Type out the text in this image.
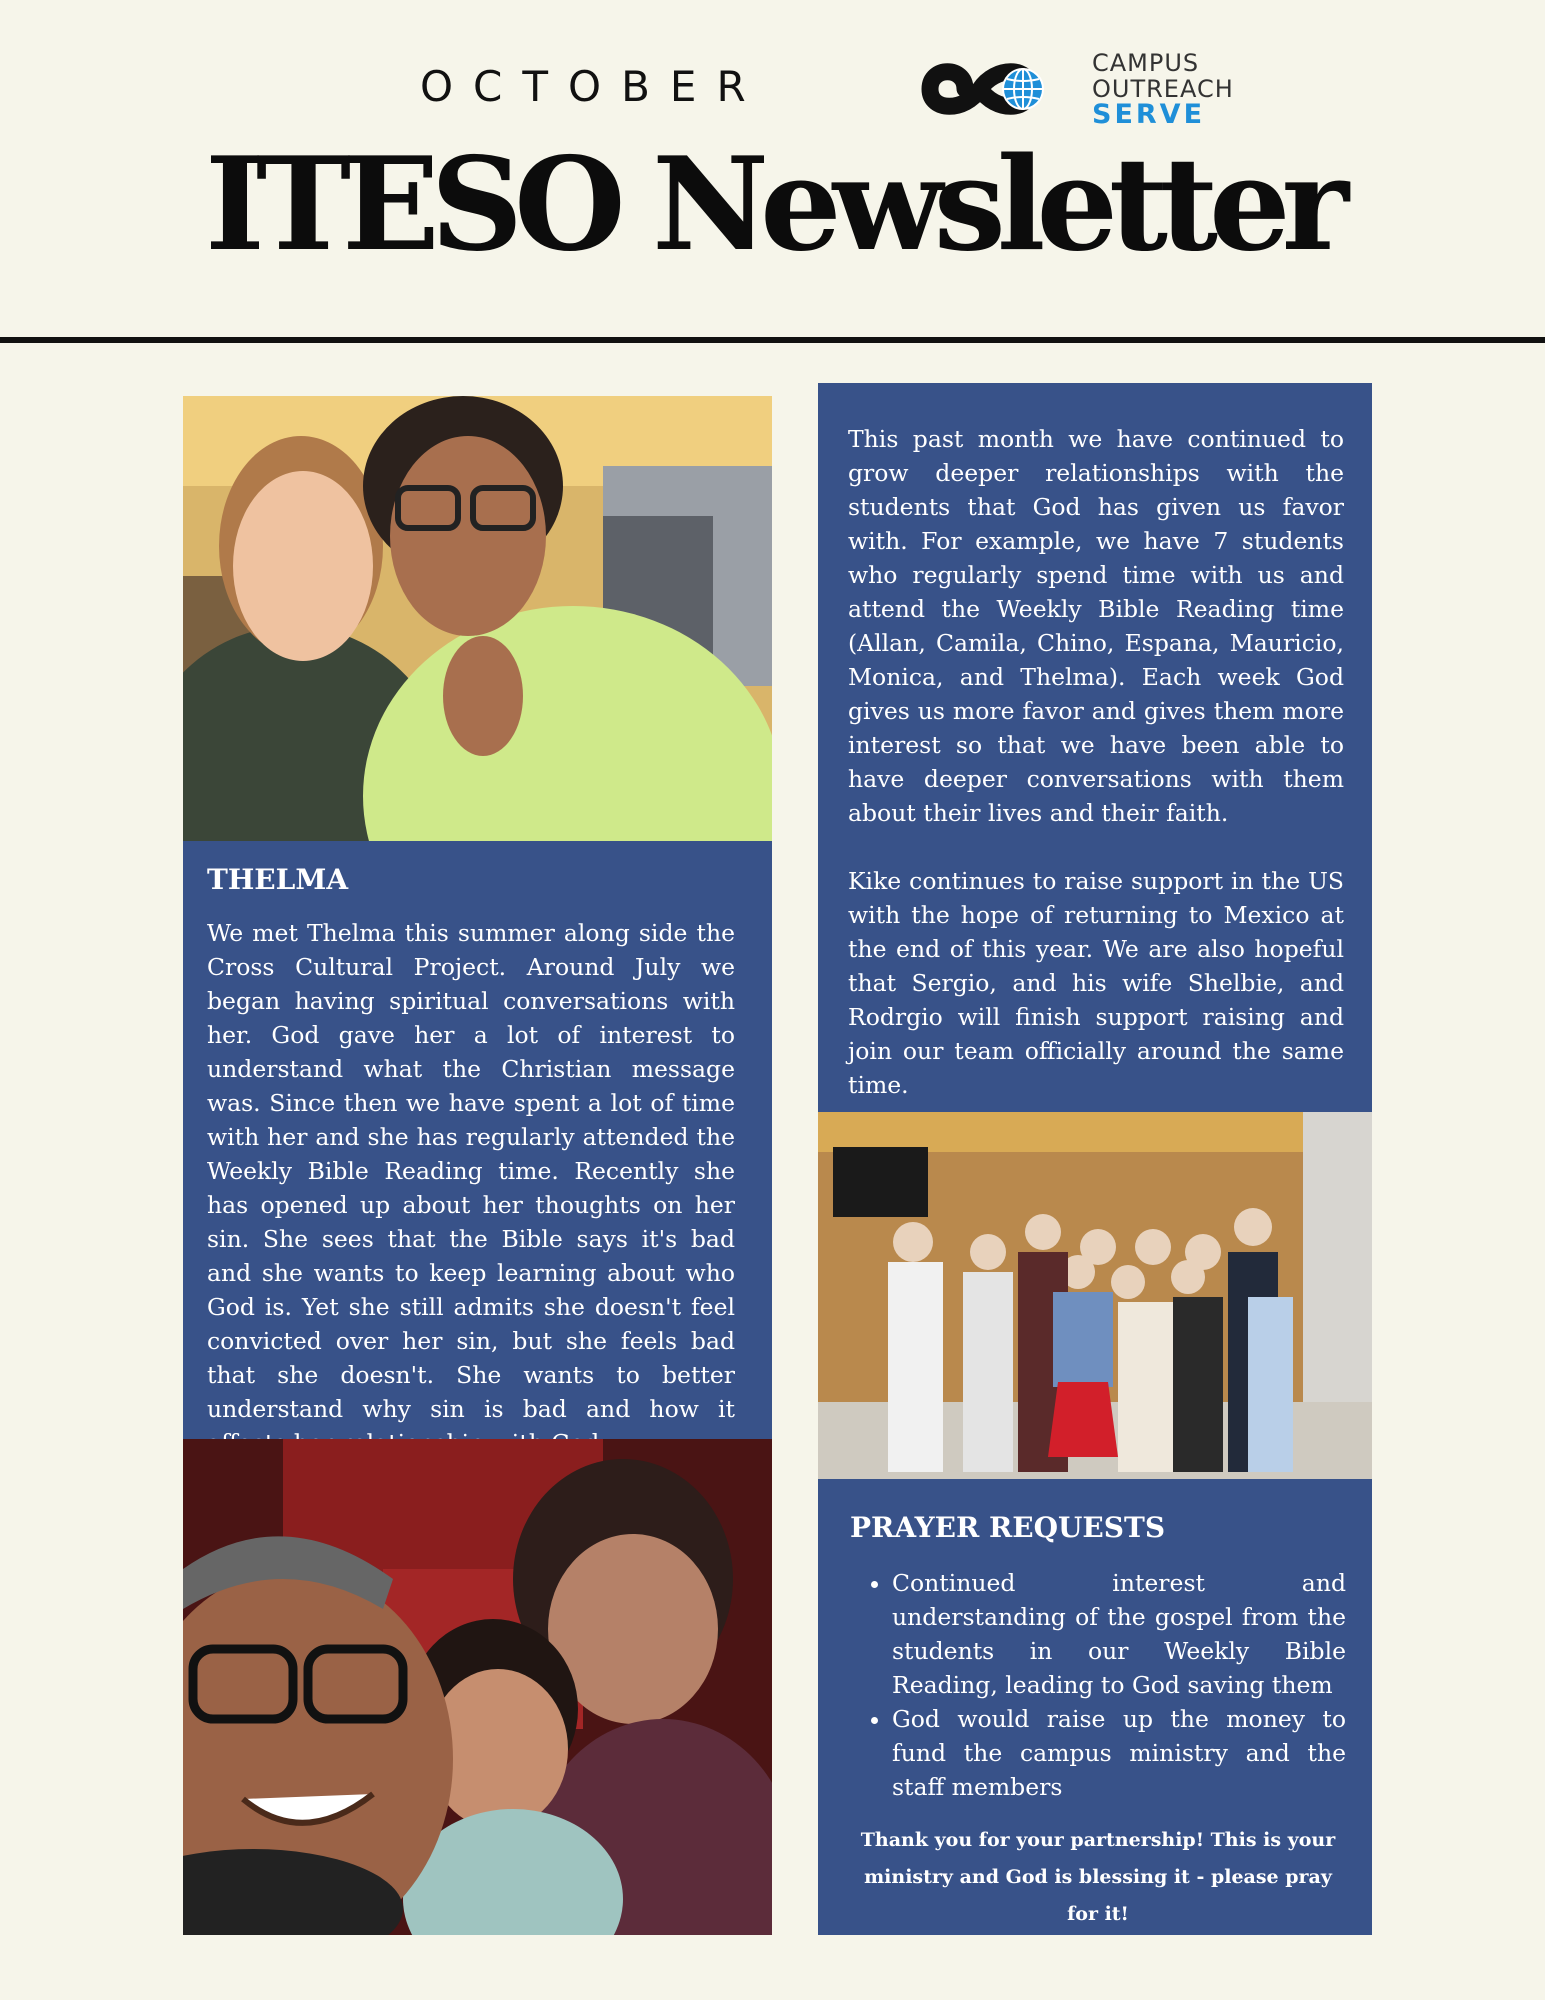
OCTOBER	CAMPUS
OUTREACH
SERVE
ITESO Newsletter
THELMA

We met Thelma this summer along side the Cross Cultural Project. Around July we began having spiritual conversations with her. God gave her a lot of interest to understand what the Christian message was. Since then we have spent a lot of time with her and she has regularly attended the Weekly Bible Reading time. Recently she has opened up about her thoughts on her sin. She sees that the Bible says it's bad and she wants to keep learning about who God is. Yet she still admits she doesn't feel convicted over her sin, but she feels bad that she doesn't. She wants to better understand why sin is bad and how it

This past month we have continued to grow deeper relationships with the students that God has given us favor with. For example, we have 7 students who regularly spend time with us and attend the Weekly Bible Reading time (Allan, Camila, Chino, Espana, Mauricio, Monica, and Thelma). Each week God gives us more favor and gives them more interest so that we have been able to have deeper conversations with them about their lives and their faith.

Kike continues to raise support in the US with the hope of returning to Mexico at the end of this year. We are also hopeful that Sergio, and his wife Shelbie, and Rodrgio will finish support raising and join our team officially around the same time.

PRAYER REQUESTS
• Continued interest and understanding of the gospel from the students in our Weekly Bible Reading, leading to God saving them
• God would raise up the money to fund the campus ministry and the staff members
Thank you for your partnership! This is your
ministry and God is blessing it - please pray for it!
